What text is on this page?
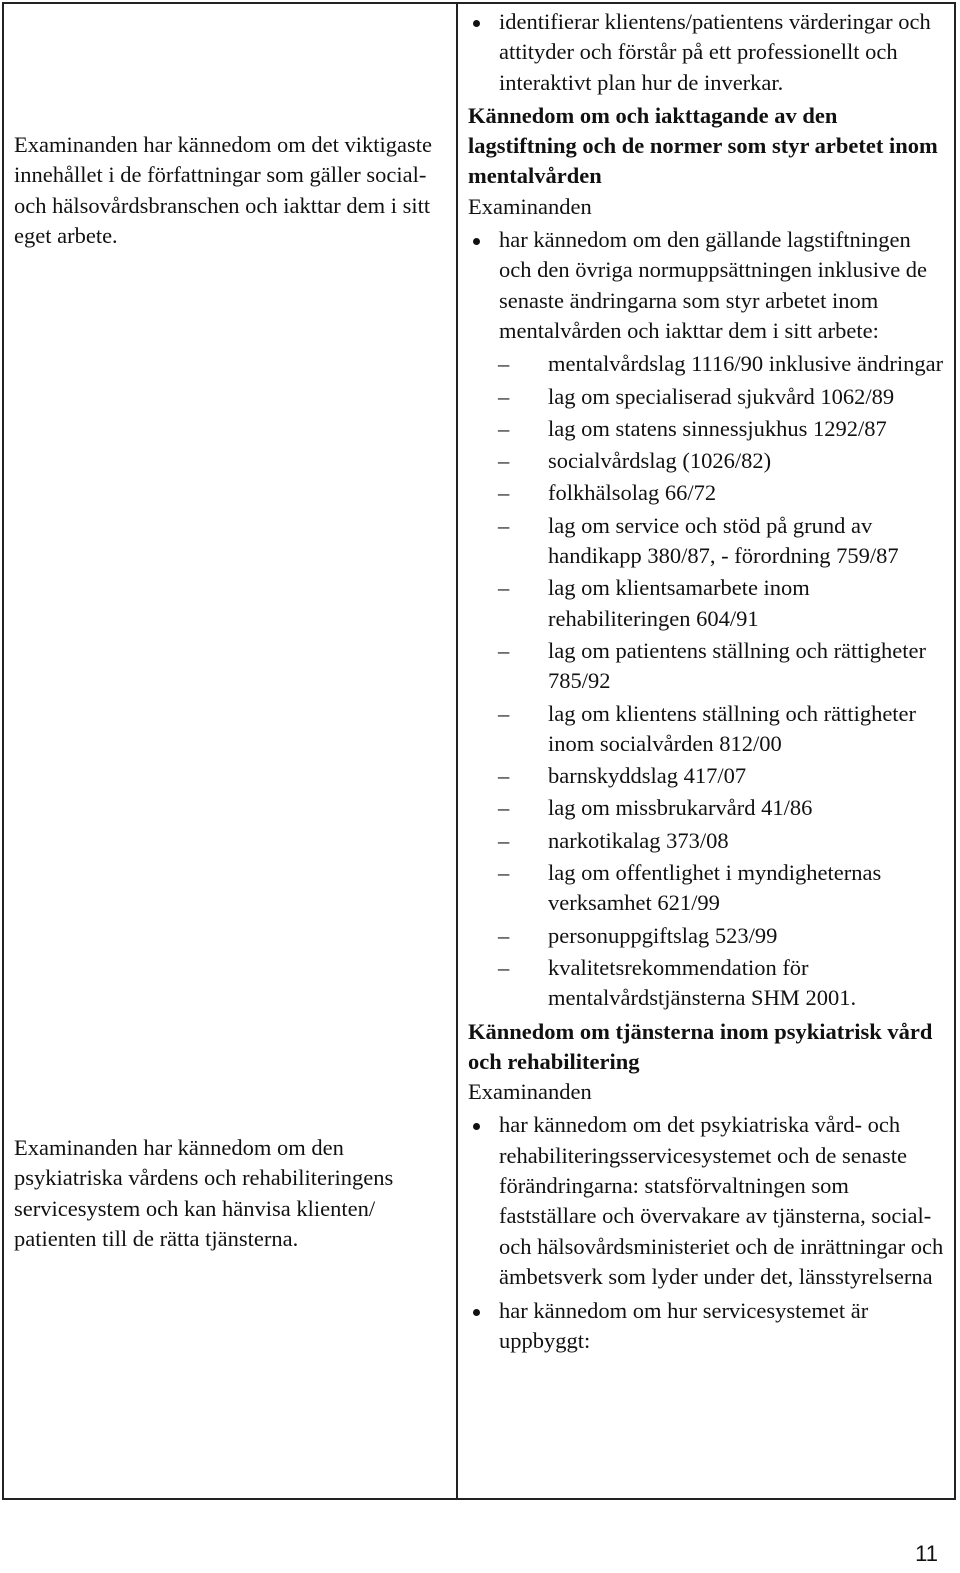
Examinanden har kännedom om det viktigaste innehållet i de författningar som gäller social- och hälsovårdsbranschen och iakttar dem i sitt eget arbete.
Examinanden har kännedom om den psykiatriska vårdens och rehabiliteringens servicesystem och kan hänvisa klienten/ patienten till de rätta tjänsterna.
identifierar klientens/patientens värderingar och attityder och förstår på ett professionellt och interaktivt plan hur de inverkar.
Kännedom om och iakttagande av den lagstiftning och de normer som styr arbetet inom mentalvården
Examinanden
har kännedom om den gällande lagstiftningen och den övriga normuppsättningen inklusive de senaste ändringarna som styr arbetet inom mentalvården och iakttar dem i sitt arbete:
– mentalvårdslag 1116/90 inklusive ändringar
– lag om specialiserad sjukvård 1062/89
– lag om statens sinnessjukhus 1292/87
– socialvårdslag (1026/82)
– folkhälsolag 66/72
– lag om service och stöd på grund av handikapp 380/87, - förordning 759/87
– lag om klientsamarbete inom rehabiliteringen 604/91
– lag om patientens ställning och rättigheter 785/92
– lag om klientens ställning och rättigheter inom socialvården 812/00
– barnskyddslag 417/07
– lag om missbrukarvård 41/86
– narkotikalag 373/08
– lag om offentlighet i myndigheternas verksamhet 621/99
– personuppgiftslag 523/99
– kvalitetsrekommendation för mentalvårdstjänsterna SHM 2001.
Kännedom om tjänsterna inom psykiatrisk vård och rehabilitering
Examinanden
har kännedom om det psykiatriska vård- och rehabiliteringsservicesystemet och de senaste förändringarna: statsförvaltningen som fastställare och övervakare av tjänsterna, social- och hälsovårdsministeriet och de inrättningar och ämbetsverk som lyder under det, länsstyrelserna
har kännedom om hur servicesystemet är uppbyggt:
11
